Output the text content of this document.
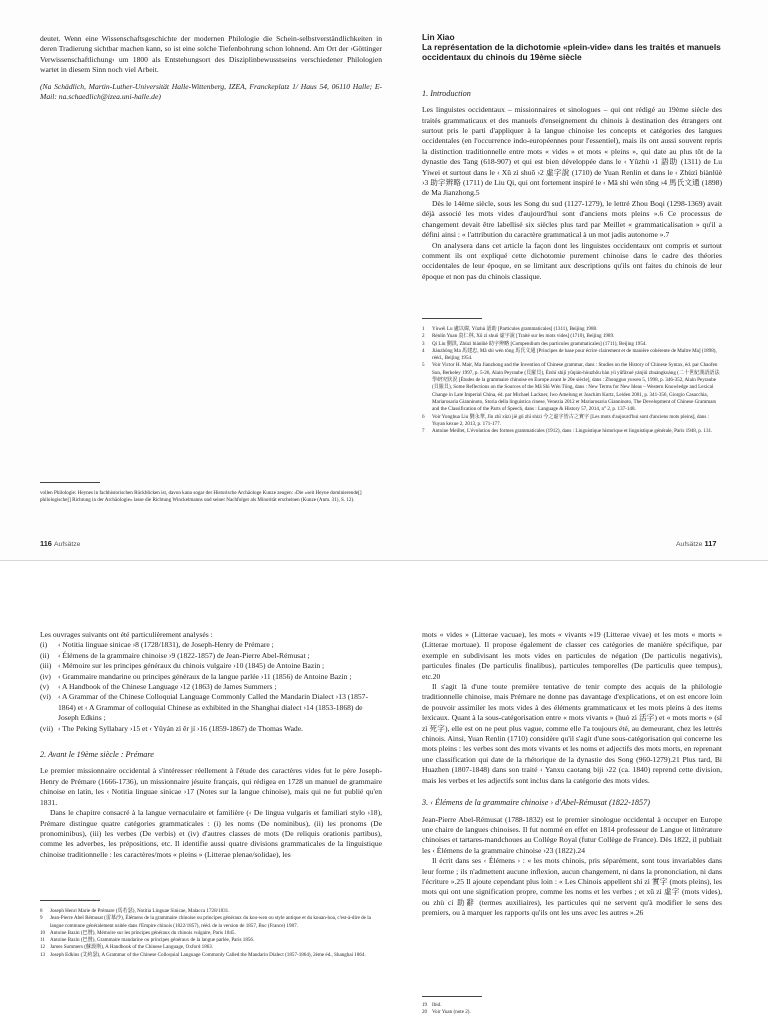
deutet. Wenn eine Wissenschaftsgeschichte der modernen Philologie die Schein-selbstverständlichkeiten in deren Tradierung sichtbar machen kann, so ist eine solche Tiefenbohrung schon lohnend. Am Ort der ›Göttinger Verwissenschaftlichung‹ um 1800 als Entstehungsort des Disziplinbewusstseins verschiedener Philologien wartet in diesem Sinn noch viel Arbeit.

(Na Schädlich, Martin-Luther-Universität Halle-Wittenberg, IZEA, Franckeplatz 1/ Haus 54, 06110 Halle; E-Mail: na.schaedlich@izea.uni-halle.de)

vollen Philologie: Heynes in fachhistorischen Rückblicken ist, davon kann sogar der Historische Archäologe Kunze zeugen: ›Die »seit Heyne dominierende[] philologische[] Richtung in der Archäologie« lasse die Richtung Winckelmanns und seiner Nachfolger als Minorität erscheinen (Kunze (Anm. 31), S. 12).
116 Aufsätze
Lin Xiao
La représentation de la dichotomie «plein-vide» dans les traités et manuels occidentaux du chinois du 19ème siècle
1. Introduction

Les linguistes occidentaux – missionnaires et sinologues – qui ont rédigé au 19ème siècle des traités grammaticaux et des manuels d'enseignement du chinois à destination des étrangers ont surtout pris le parti d'appliquer à la langue chinoise les concepts et catégories des langues occidentales (en l'occurrence indo-européennes pour l'essentiel), mais ils ont aussi souvent repris la distinction traditionnelle entre mots « vides » et mots « pleins », qui date au plus tôt de la dynastie des Tang (618-907) et qui est bien développée dans le ‹ Yǔzhù ›1 語助 (1311) de Lu Yiwei et surtout dans le ‹ Xū zì shuō ›2 虛字說 (1710) de Yuan Renlin et dans le ‹ Zhùzì biànlüè ›3 助字辨略 (1711) de Liu Qi, qui ont fortement inspiré le ‹ Mǎ shì wén tōng ›4 馬氏文通 (1898) de Ma Jianzhong.5

Dès le 14ème siècle, sous les Song du sud (1127-1279), le lettré Zhou Boqi (1298-1369) avait déjà associé les mots vides d'aujourd'hui sont d'anciens mots pleins ».6 Ce processus de changement devait être labellisé six siècles plus tard par Meillet « grammaticalisation » qu'il a défini ainsi : « l'attribution du caractère grammatical à un mot jadis autonome ».7

On analysera dans cet article la façon dont les linguistes occidentaux ont compris et surtout comment ils ont expliqué cette dichotomie purement chinoise dans le cadre des théories occidentales de leur époque, en se limitant aux descriptions qu'ils ont faites du chinois de leur époque et non pas du chinois classique.

1	Yùwéi Lu 盧以緯, Yǔzhù 語助 [Particules grammaticales] (1311), Beijing 1988.
2	Rénlín Yuan 袁仁林, Xū zì shuō 虛字說 [Traité sur les mots vides] (1710), Beijing 1989.
3	Qi Liu 劉淇, Zhùzì biànlüè 助字辨略 [Compendium des particules grammaticales] (1711), Beijing 1954.
4	Jiànzhōng Ma 馬建忠, Mǎ shì wén tōng 馬氏文通 [Principes de base pour écrire clairement et de manière cohérente de Maître Ma] (1898), rééd., Beijing 1954.
5	Voir Victor H. Mair, Ma Jianzhong and the Invention of Chinese grammar, dans : Studies on the History of Chinese Syntax, éd. par Chaofen Sun, Berkeley 1997, p. 5-26, Alain Peyraube (貝羅貝), Èrshí shìjì yǔqián-hòuzhǒu hàn yǔ yǔfǎxué yánjiū zhuàngkuàng (二十世紀漢語語法學研究狀況 [Études de la grammaire chinoise en Europe avant le 20e siècle], dans : Zhongguo yuwen 5, 1998, p. 346-352, Alain Peyraube (貝羅貝), Some Reflections on the Sources of the Mǎ Shì Wén Tōng, dans : New Terms for New Ideas – Western Knowledge and Lexical Change in Late Imperial China, éd. par Michael Lackner, Iwo Amelung et Joachim Kurtz, Leiden 2001, p. 341-356, Giorgio Casacchia, Mariarosaria Gianninoto, Storia della linguistica cinese, Venezia 2012 et Mariarosaria Gianninoto, The Development of Chinese Grammars and the Classification of the Parts of Speech, dans : Language & History 57, 2014, n° 2, p. 137-148.
6	Voir Yonghua Liu 劉永華, Jīn zhī xūzì jiē gǔ zhī shízì 今之虛字皆古之實字 [Les mots d'aujourd'hui sont d'anciens mots pleins], dans : Yuyan kexue 2, 2013, p. 171-177.
7	Antoine Meillet, L'évolution des formes grammaticales (1912), dans : Linguistique historique et linguistique générale, Paris 1948, p. 131.
Aufsätze 117

Les ouvrages suivants ont été particulièrement analysés :

(i)	‹ Notitia linguae sinicae ›8 (1728/1831), de Joseph-Henry de Prémare ;
(ii)	‹ Élémens de la grammaire chinoise ›9 (1822-1857) de Jean-Pierre Abel-Rémusat ;
(iii) ‹ Mémoire sur les principes généraux du chinois vulgaire ›10 (1845) de Antoine Bazin ;
(iv) ‹ Grammaire mandarine ou principes généraux de la langue parlée ›11 (1856) de Antoine Bazin ;
(v)	‹ A Handbook of the Chinese Language ›12 (1863) de James Summers ;
(vi) ‹ A Grammar of the Chinese Colloquial Language Commonly Called the Mandarin Dialect ›13 (1857-1864) et ‹ A Grammar of colloquial Chinese as exhibited in the Shanghai dialect ›14 (1853-1868) de Joseph Edkins ;
(vii) ‹ The Peking Syllabary ›15 et ‹ Yǔyán zì ěr jí ›16 (1859-1867) de Thomas Wade.
2. Avant le 19ème siècle : Prémare

Le premier missionnaire occidental à s'intéresser réellement à l'étude des caractères vides fut le père Joseph-Henry de Prémare (1666-1736), un missionnaire jésuite français, qui rédigea en 1728 un manuel de grammaire chinoise en latin, les ‹ Notitia linguae sinicae ›17 (Notes sur la langue chinoise), mais qui ne fut publié qu'en 1831.

Dans le chapitre consacré à la langue vernaculaire et familière (‹ De lingua vulgaris et familiari stylo ›18), Prémare distingue quatre catégories grammaticales : (i) les noms (De nominibus), (ii) les pronoms (De pronominibus), (iii) les verbes (De verbis) et (iv) d'autres classes de mots (De reliquis orationis partibus), comme les adverbes, les prépositions, etc. Il identifie aussi quatre divisions grammaticales de la linguistique chinoise traditionnelle : les caractères/mots « pleins » (Litterae plenae/solidae), les

8	Joseph Henri Marie de Prémare (馬若瑟), Notitia Linguae Sinicae, Malacca 1728/1831.
9	Jean-Pierre Abel Rémusat (雷慕沙), Élémens de la grammaire chinoise ou principes généraux du kou-wen ou style antique et du kouan-hoa, c'est-à-dire de la langue commune généralement usitée dans l'Empire chinois (1822/1857), rééd. de la version de 1857, Buc (France) 1987.
10 Antoine Bazin (巴贊), Mémoire sur les principes généraux du chinois vulgaire, Paris 1845.
11 Antoine Bazin (巴贊), Grammaire mandarine ou principes généraux de la langue parlée, Paris 1856.
12 James Summers (蘇謨斯), A Handbook of the Chinese Language, Oxford 1863.
13 Joseph Edkins (艾約瑟), A Grammar of the Chinese Colloquial Language Commonly Called the Mandarin Dialect (1857-1864), 2ème éd., Shanghai 1864.

mots « vides » (Litterae vacuae), les mots « vivants »19 (Litterae vivae) et les mots « morts » (Litterae mortuae). Il propose également de classer ces catégories de manière spécifique, par exemple en subdivisant les mots vides en particules de négation (De particulis negativis), particules finales (De particulis finalibus), particules temporelles (De particulis quee tempus), etc.20

Il s'agit là d'une toute première tentative de tenir compte des acquis de la philologie traditionnelle chinoise, mais Prémare ne donne pas davantage d'explications, et on est encore loin de pouvoir assimiler les mots vides à des éléments grammaticaux et les mots pleins à des items lexicaux. Quant à la sous-catégorisation entre « mots vivants » (huó zì 活字) et « mots morts » (sǐ zì 死字), elle est on ne peut plus vague, comme elle l'a toujours été, au demeurant, chez les lettrés chinois. Ainsi, Yuan Renlin (1710) considère qu'il s'agit d'une sous-catégorisation qui concerne les mots pleins : les verbes sont des mots vivants et les noms et adjectifs des mots morts, en reprenant une classification qui date de la rhétorique de la dynastie des Song (960-1279).21 Plus tard, Bi Huazhen (1807-1848) dans son traité ‹ Yanxu caotang biji ›22 (ca. 1840) reprend cette division, mais les verbes et les adjectifs sont inclus dans la catégorie des mots vides.

3. ‹ Élémens de la grammaire chinoise › d'Abel-Rémusat (1822-1857)

Jean-Pierre Abel-Rémusat (1788-1832) est le premier sinologue occidental à occuper en Europe une chaire de langues chinoises. Il fut nommé en effet en 1814 professeur de Langue et littérature chinoises et tartares-mandchoues au Collège Royal (futur Collège de France). Dès 1822, il publiait les ‹ Élémens de la grammaire chinoise ›23 (1822).24

Il écrit dans ses ‹ Élémens › : « les mots chinois, pris séparément, sont tous invariables dans leur forme ; ils n'admettent aucune inflexion, aucun changement, ni dans la prononciation, ni dans l'écriture ».25 Il ajoute cependant plus loin : « Les Chinois appellent shí zì 實字 (mots pleins), les mots qui ont une signification propre, comme les noms et les verbes ; et xū zì 虛字 (mots vides), ou zhù cí 助辭 (termes auxiliaires), les particules qui ne servent qu'à modifier le sens des premiers, ou à marquer les rapports qu'ils ont les uns avec les autres ».26

19 Ibid.
20 Voir Yuan (note 2).
